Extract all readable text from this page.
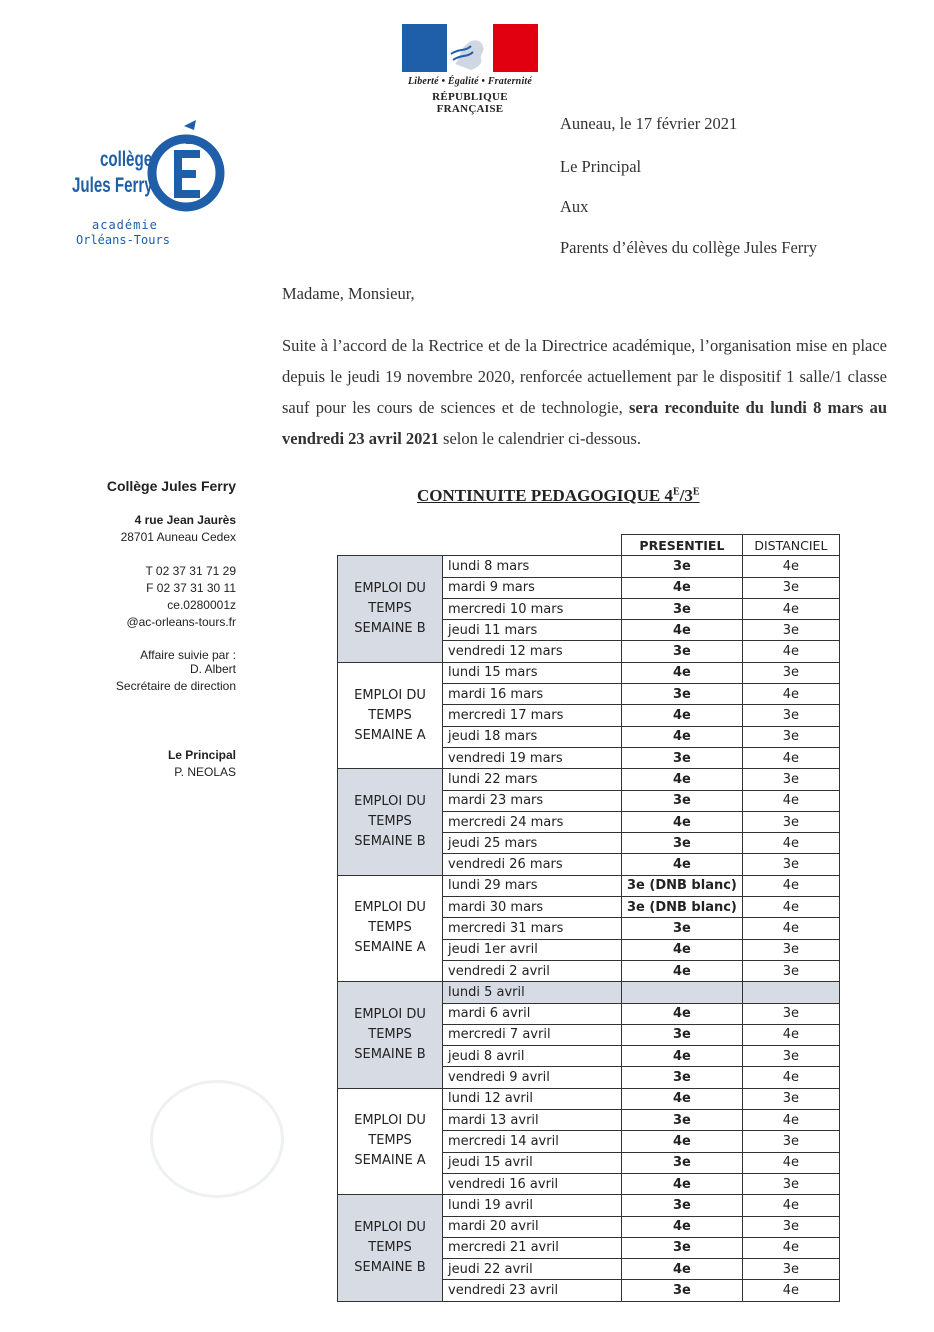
Liberté • Égalité • Fraternité
RÉPUBLIQUE FRANÇAISE
collège
Jules Ferry
académie
Orléans-Tours
Auneau, le 17 février 2021
Le Principal
Aux
Parents d’élèves du collège Jules Ferry
Madame, Monsieur,
Suite à l’accord de la Rectrice et de la Directrice académique, l’organisation mise en place depuis le jeudi 19 novembre 2020, renforcée actuellement par le dispositif 1 salle/1 classe sauf pour les cours de sciences et de technologie, sera reconduite du lundi 8 mars au vendredi 23 avril 2021 selon le calendrier ci-dessous.
Collège Jules Ferry
4 rue Jean Jaurès
28701 Auneau Cedex
T 02 37 31 71 29
F 02 37 31 30 11
ce.0280001z
@ac-orleans-tours.fr
Affaire suivie par :
D. Albert
Secrétaire de direction
Le Principal
P. NEOLAS
CONTINUITE PEDAGOGIQUE $4^E/3^E$
		PRESENTIEL	DISTANCIEL

EMPLOI DU
TEMPS
SEMAINE B	lundi 8 mars	3e	4e
	mardi 9 mars	4e	3e
	mercredi 10 mars	3e	4e
	jeudi 11 mars	4e	3e
	vendredi 12 mars	3e	4e

EMPLOI DU
TEMPS
SEMAINE A	lundi 15 mars	4e	3e
	mardi 16 mars	3e	4e
	mercredi 17 mars	4e	3e
	jeudi 18 mars	4e	3e
	vendredi 19 mars	3e	4e

EMPLOI DU
TEMPS
SEMAINE B	lundi 22 mars	4e	3e
	mardi 23 mars	3e	4e
	mercredi 24 mars	4e	3e
	jeudi 25 mars	3e	4e
	vendredi 26 mars	4e	3e

EMPLOI DU
TEMPS
SEMAINE A	lundi 29 mars	3e (DNB blanc)	4e
	mardi 30 mars	3e (DNB blanc)	4e
	mercredi 31 mars	3e	4e
	jeudi 1er avril	4e	3e
	vendredi 2 avril	4e	3e

EMPLOI DU
TEMPS
SEMAINE B	lundi 5 avril		
	mardi 6 avril	4e	3e
	mercredi 7 avril	3e	4e
	jeudi 8 avril	4e	3e
	vendredi 9 avril	3e	4e

EMPLOI DU
TEMPS
SEMAINE A	lundi 12 avril	4e	3e
	mardi 13 avril	3e	4e
	mercredi 14 avril	4e	3e
	jeudi 15 avril	3e	4e
	vendredi 16 avril	4e	3e

EMPLOI DU
TEMPS
SEMAINE B	lundi 19 avril	3e	4e
	mardi 20 avril	4e	3e
	mercredi 21 avril	3e	4e
	jeudi 22 avril	4e	3e
	vendredi 23 avril	3e	4e
